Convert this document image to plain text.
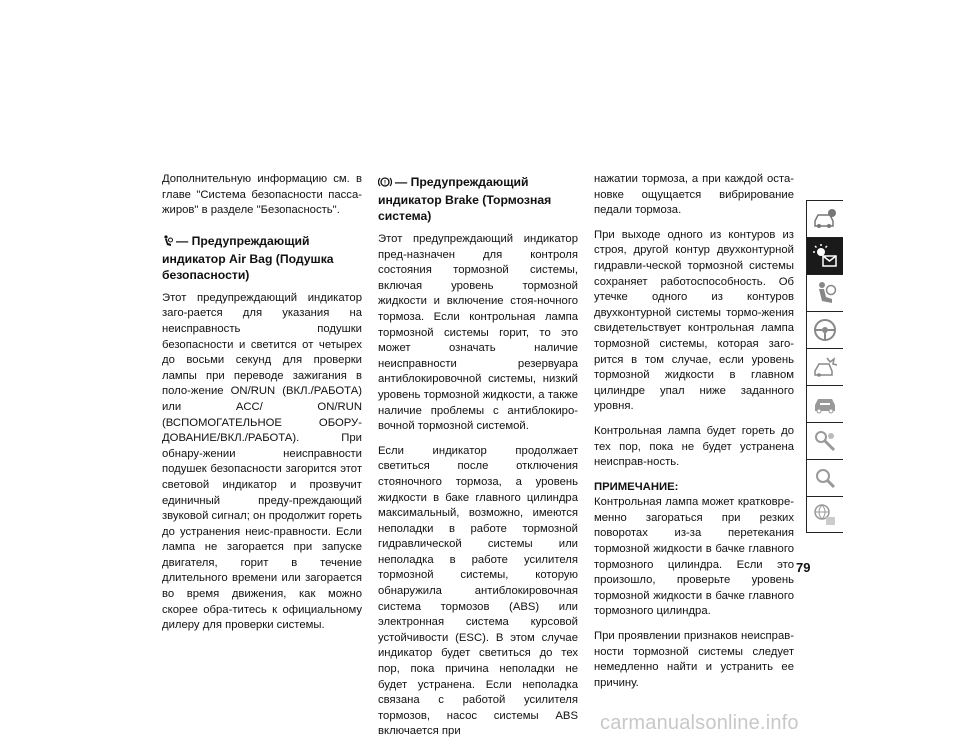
Дополнительную информацию см. в главе "Система безопасности пасса-жиров" в разделе "Безопасность".

— Предупреждающий индикатор Air Bag (Подушка безопасности)

Этот предупреждающий индикатор заго-рается для указания на неисправность подушки безопасности и светится от четырех до восьми секунд для проверки лампы при переводе зажигания в поло-жение ON/RUN (ВКЛ./РАБОТА) или ACC/ ON/RUN (ВСПОМОГАТЕЛЬНОЕ ОБОРУ-ДОВАНИЕ/ВКЛ./РАБОТА). При обнару-жении неисправности подушек безопасности загорится этот световой индикатор и прозвучит единичный преду-преждающий звуковой сигнал; он продолжит гореть до устранения неис-правности. Если лампа не загорается при запуске двигателя, горит в течение длительного времени или загорается во время движения, как можно скорее обра-титесь к официальному дилеру для проверки системы.

! — Предупреждающий индикатор Brake (Тормозная система)

Этот предупреждающий индикатор пред-назначен для контроля состояния тормозной системы, включая уровень тормозной жидкости и включение стоя-ночного тормоза. Если контрольная лампа тормозной системы горит, то это может означать наличие неисправности резервуара антиблокировочной системы, низкий уровень тормозной жидкости, а также наличие проблемы с антиблокиро-вочной тормозной системой.

Если индикатор продолжает светиться после отключения стояночного тормоза, а уровень жидкости в баке главного цилиндра максимальный, возможно, имеются неполадки в работе тормозной гидравлической системы или неполадка в работе усилителя тормозной системы, которую обнаружила антиблокировочная система тормозов (ABS) или электронная система курсовой устойчивости (ESC). В этом случае индикатор будет светиться до тех пор, пока причина неполадки не будет устранена. Если неполадка связана с работой усилителя тормозов, насос системы ABS включается при

нажатии тормоза, а при каждой оста-новке ощущается вибрирование педали тормоза.

При выходе одного из контуров из строя, другой контур двухконтурной гидравли-ческой тормозной системы сохраняет работоспособность. Об утечке одного из контуров двухконтурной системы тормо-жения свидетельствует контрольная лампа тормозной системы, которая заго-рится в том случае, если уровень тормозной жидкости в главном цилиндре упал ниже заданного уровня.

Контрольная лампа будет гореть до тех пор, пока не будет устранена неисправ-ность.

ПРИМЕЧАНИЕ:

Контрольная лампа может кратковре-менно загораться при резких поворотах из-за перетекания тормозной жидкости в бачке главного тормозного цилиндра. Если это произошло, проверьте уровень тормозной жидкости в бачке главного тормозного цилиндра.

При проявлении признаков неисправ-ности тормозной системы следует немедленно найти и устранить ее причину.

79
carmanualsonline.info
